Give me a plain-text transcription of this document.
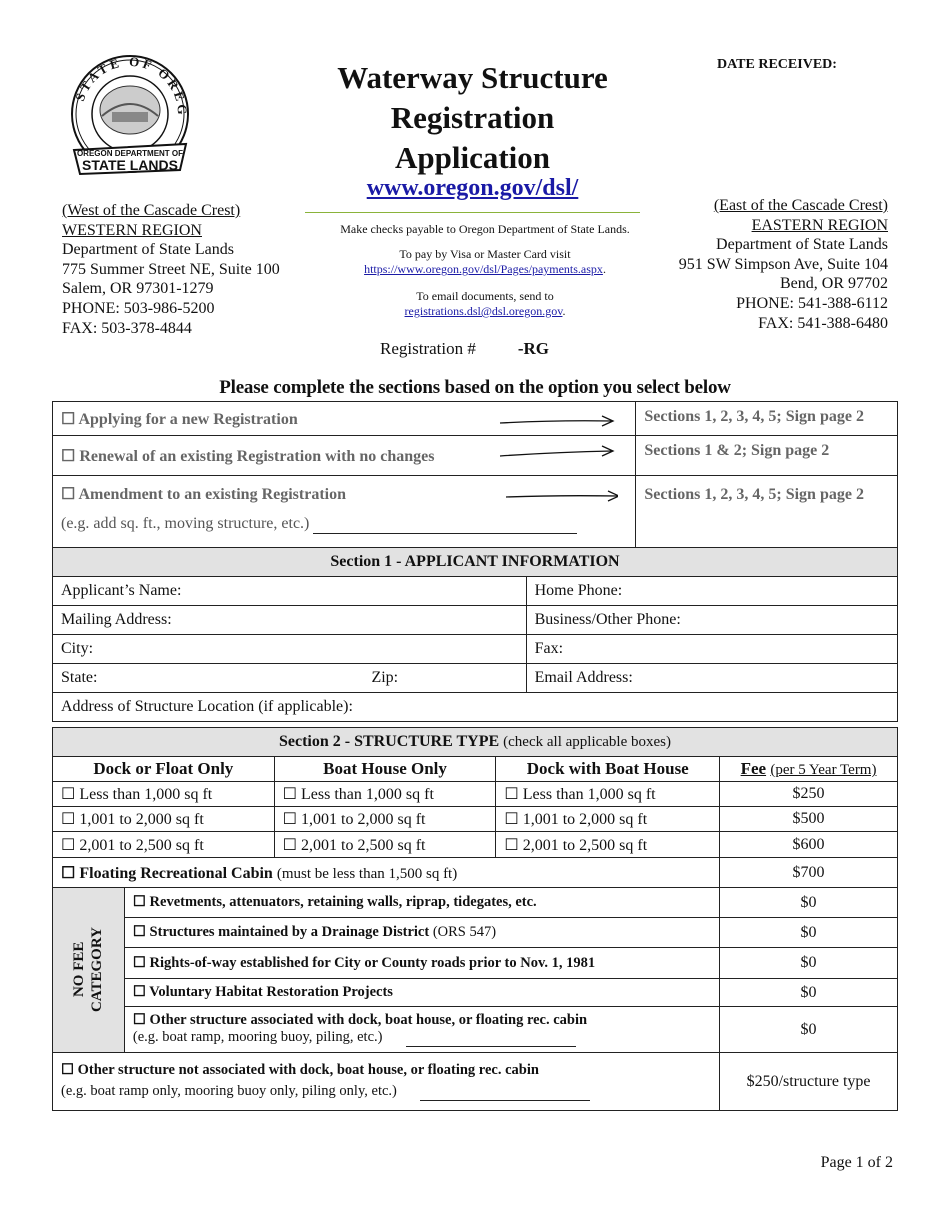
STATE OF OREG
OREGON DEPARTMENT OF
STATE LANDS
Waterway Structure
Registration
Application
www.oregon.gov/dsl/
DATE RECEIVED:
(West of the Cascade Crest)
WESTERN REGION
Department of State Lands
775 Summer Street NE, Suite 100
Salem, OR 97301-1279
PHONE: 503-986-5200
FAX: 503-378-4844
(East of the Cascade Crest)
EASTERN REGION
Department of State Lands
951 SW Simpson Ave, Suite 104
Bend, OR 97702
PHONE: 541-388-6112
FAX: 541-388-6480

Make checks payable to Oregon Department of State Lands.

To pay by Visa or Master Card visit
https://www.oregon.gov/dsl/Pages/payments.aspx.

To email documents, send to
registrations.dsl@dsl.oregon.gov.

Registration # -RG
Please complete the sections based on the option you select below
☐ Applying for a new Registration	Sections 1, 2, 3, 4, 5; Sign page 2
☐ Renewal of an existing Registration with no changes	Sections 1 & 2; Sign page 2

☐ Amendment to an existing Registration
(e.g. add sq. ft., moving structure, etc.)	Sections 1, 2, 3, 4, 5; Sign page 2
Section 1 - APPLICANT INFORMATION	
Applicant’s Name:	Home Phone:
Mailing Address:	Business/Other Phone:
City:	Fax:
State: Zip:	Email Address:
Address of Structure Location (if applicable):	
Section 2 - STRUCTURE TYPE (check all applicable boxes)				
Dock or Float Only		Boat House Only	Dock with Boat House	Fee (per 5 Year Term)
☐ Less than 1,000 sq ft		☐ Less than 1,000 sq ft	☐ Less than 1,000 sq ft	$250
☐ 1,001 to 2,000 sq ft		☐ 1,001 to 2,000 sq ft	☐ 1,001 to 2,000 sq ft	$500
☐ 2,001 to 2,500 sq ft		☐ 2,001 to 2,500 sq ft	☐ 2,001 to 2,500 sq ft	$600
☐ Floating Recreational Cabin (must be less than 1,500 sq ft)				$700

NO FEE CATEGORY	☐ Revetments, attenuators, retaining walls, riprap, tidegates, etc.			$0
	☐ Structures maintained by a Drainage District (ORS 547)			$0
	☐ Rights-of-way established for City or County roads prior to Nov. 1, 1981			$0
	☐ Voluntary Habitat Restoration Projects			$0

	☐ Other structure associated with dock, boat house, or floating rec. cabin
(e.g. boat ramp, mooring buoy, piling, etc.)			$0

☐ Other structure not associated with dock, boat house, or floating rec. cabin
(e.g. boat ramp only, mooring buoy only, piling only, etc.)				$250/structure type
Page 1 of 2
